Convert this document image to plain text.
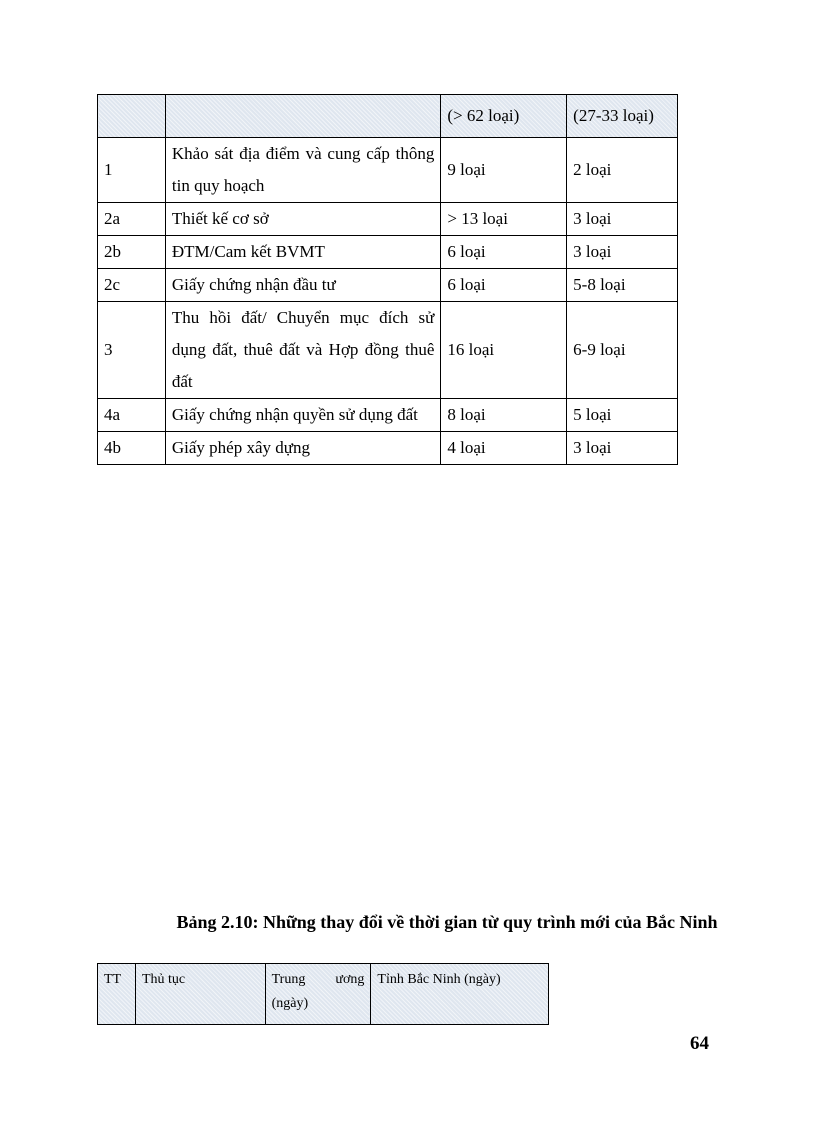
		(> 62 loại)	(27-33 loại)
1	Khảo sát địa điểm và cung cấp thông tin quy hoạch	9 loại	2 loại
2a	Thiết kế cơ sở	> 13 loại	3 loại
2b	ĐTM/Cam kết BVMT	6 loại	3 loại
2c	Giấy chứng nhận đầu tư	6 loại	5-8 loại
3	Thu hồi đất/ Chuyển mục đích sử dụng đất, thuê đất và Hợp đồng thuê đất	16 loại	6-9 loại
4a	Giấy chứng nhận quyền sử dụng đất	8 loại	5 loại
4b	Giấy phép xây dựng	4 loại	3 loại

Bảng 2.10: Những thay đổi về thời gian từ quy trình mới của Bắc Ninh

TT	Thủ tục	Trung ương (ngày)	Tỉnh Bắc Ninh (ngày)
64
